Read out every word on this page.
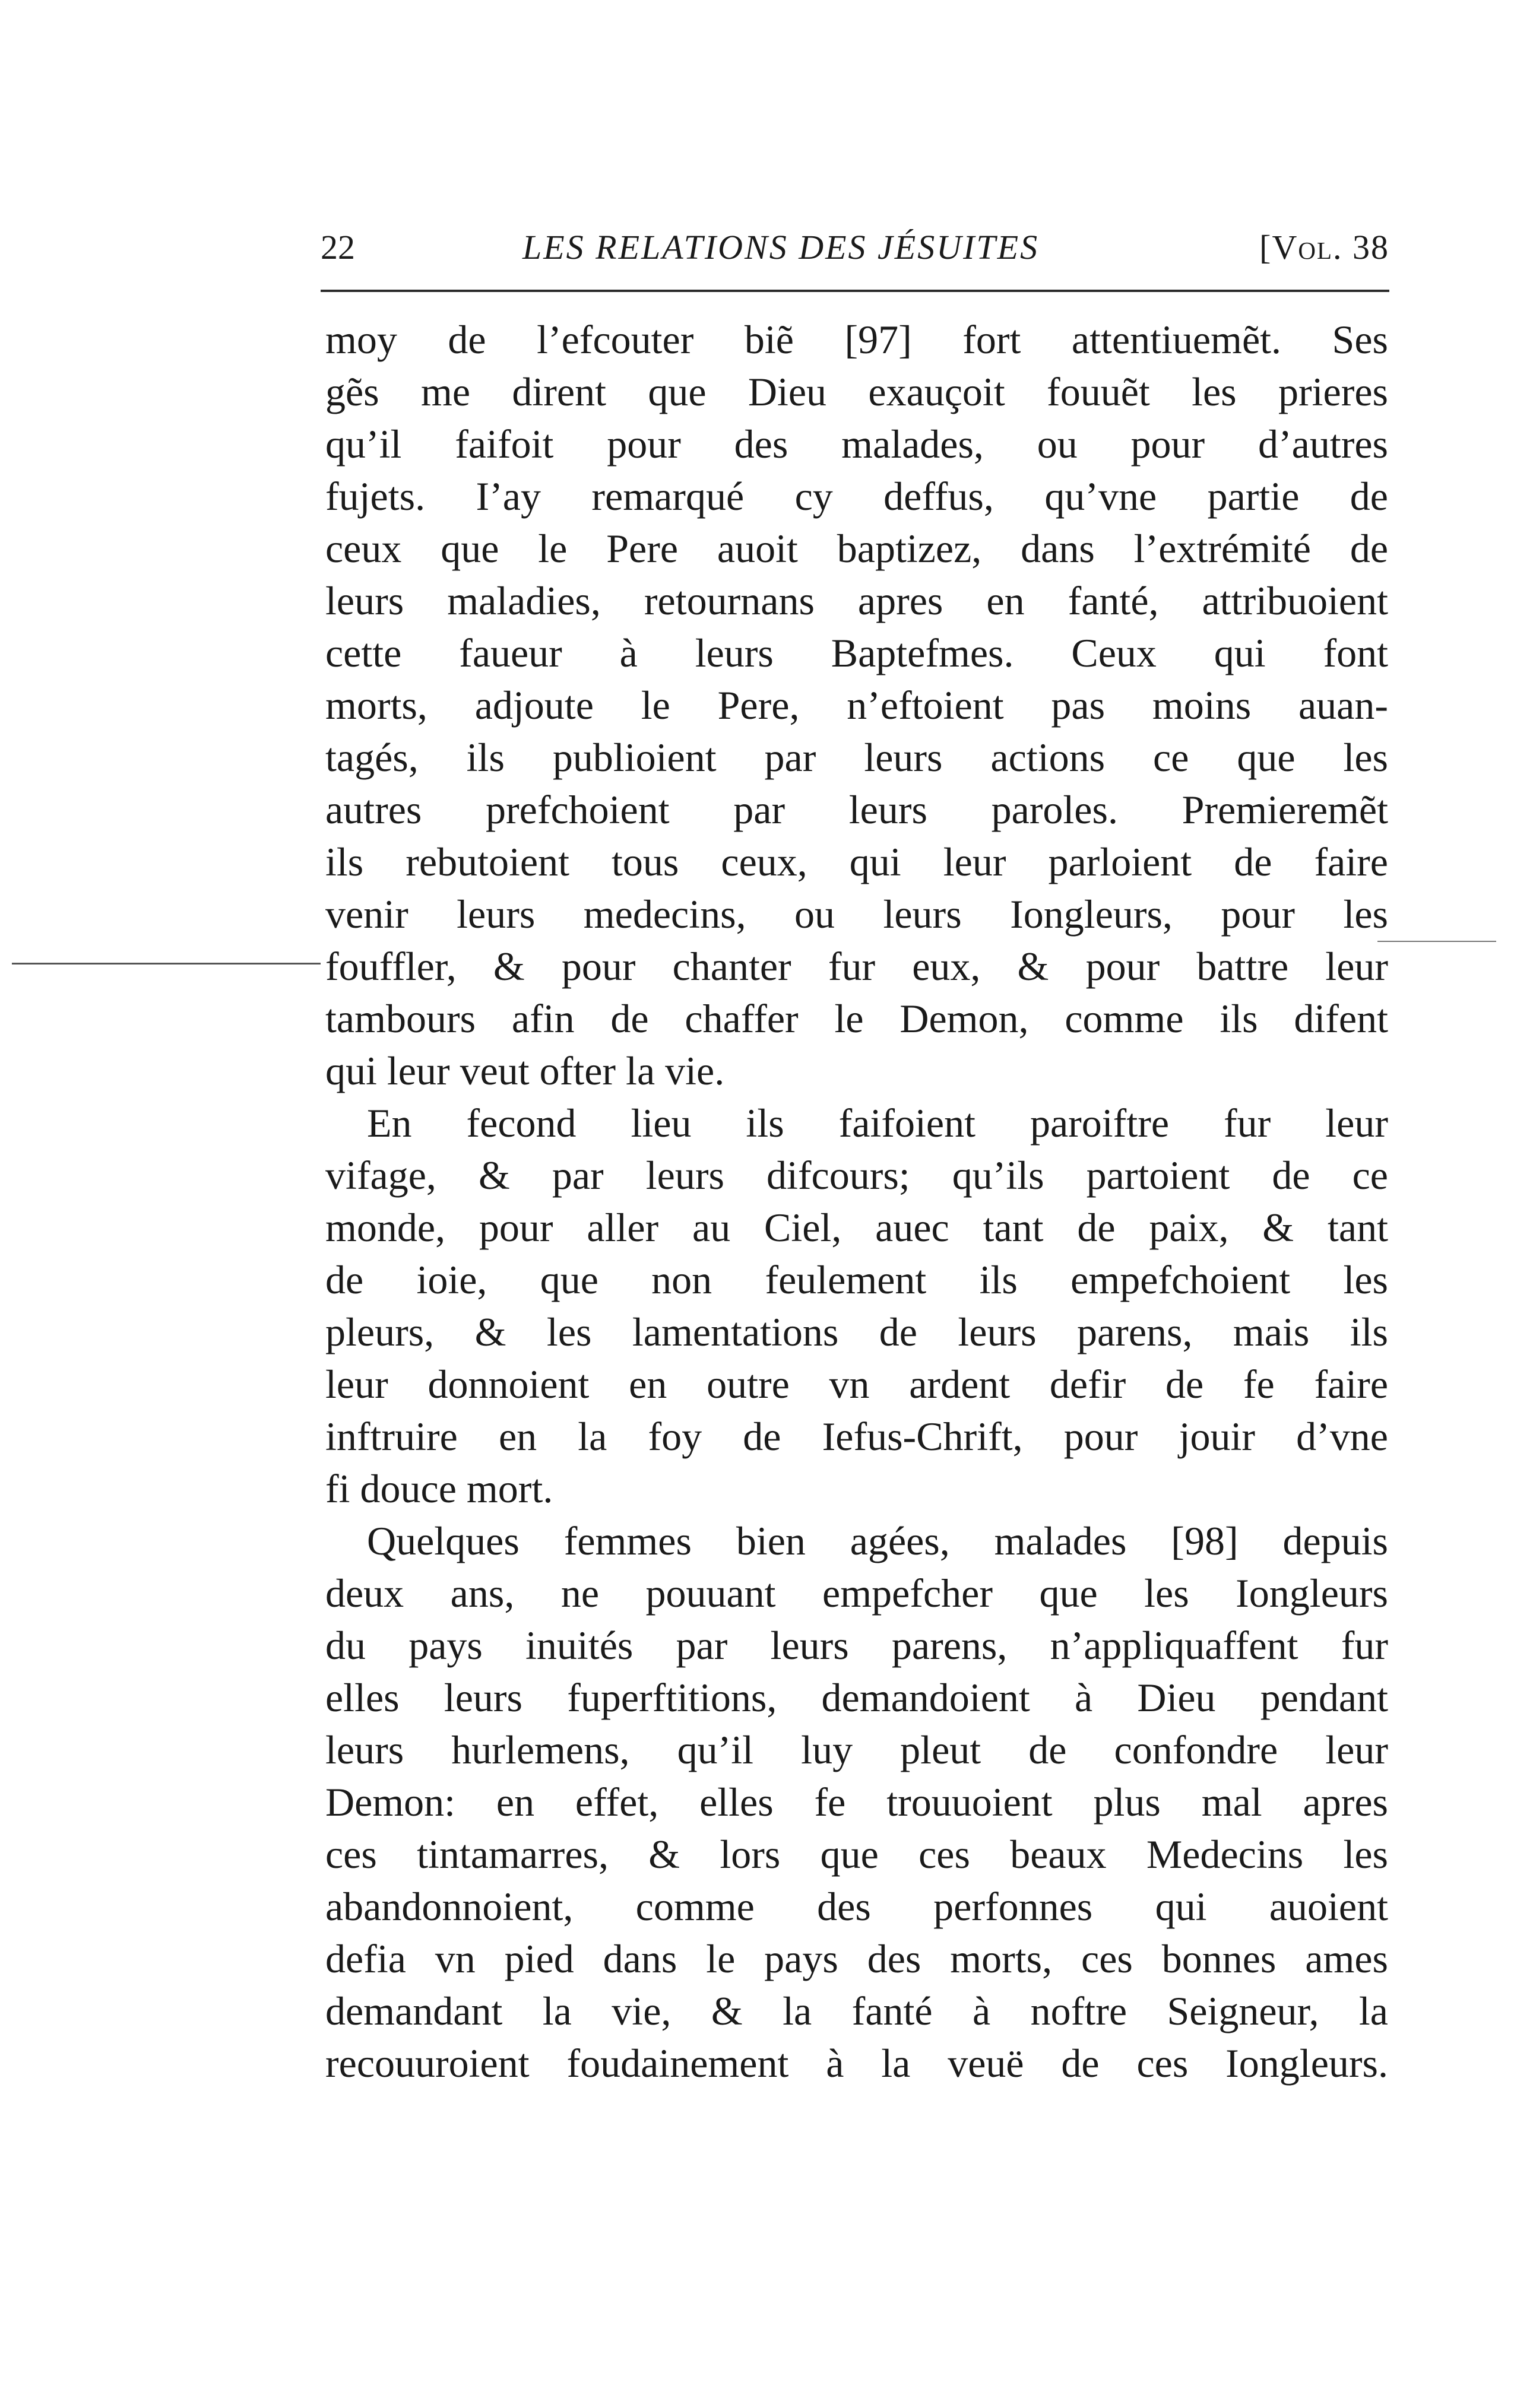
22	LES RELATIONS DES JÉSUITES	[Vol. 38
moy de l’efcouter biẽ [97] fort attentiuemẽt. Ses
gẽs me dirent que Dieu exauçoit fouuẽt les prieres
qu’il faifoit pour des malades, ou pour d’autres
fujets. I’ay remarqué cy deffus, qu’vne partie de
ceux que le Pere auoit baptizez, dans l’extrémité de
leurs maladies, retournans apres en fanté, attribuoient
cette faueur à leurs Baptefmes. Ceux qui font
morts, adjoute le Pere, n’eftoient pas moins auan-
tagés, ils publioient par leurs actions ce que les
autres prefchoient par leurs paroles. Premieremẽt
ils rebutoient tous ceux, qui leur parloient de faire
venir leurs medecins, ou leurs Iongleurs, pour les
fouffler, & pour chanter fur eux, & pour battre leur
tambours afin de chaffer le Demon, comme ils difent
qui leur veut ofter la vie.
En fecond lieu ils faifoient paroiftre fur leur
vifage, & par leurs difcours; qu’ils partoient de ce
monde, pour aller au Ciel, auec tant de paix, & tant
de ioie, que non feulement ils empefchoient les
pleurs, & les lamentations de leurs parens, mais ils
leur donnoient en outre vn ardent defir de fe faire
inftruire en la foy de Iefus-Chrift, pour jouir d’vne
fi douce mort.
Quelques femmes bien agées, malades [98] depuis
deux ans, ne pouuant empefcher que les Iongleurs
du pays inuités par leurs parens, n’appliquaffent fur
elles leurs fuperftitions, demandoient à Dieu pendant
leurs hurlemens, qu’il luy pleut de confondre leur
Demon: en effet, elles fe trouuoient plus mal apres
ces tintamarres, & lors que ces beaux Medecins les
abandonnoient, comme des perfonnes qui auoient
defia vn pied dans le pays des morts, ces bonnes ames
demandant la vie, & la fanté à noftre Seigneur, la
recouuroient foudainement à la veuë de ces Iongleurs.
